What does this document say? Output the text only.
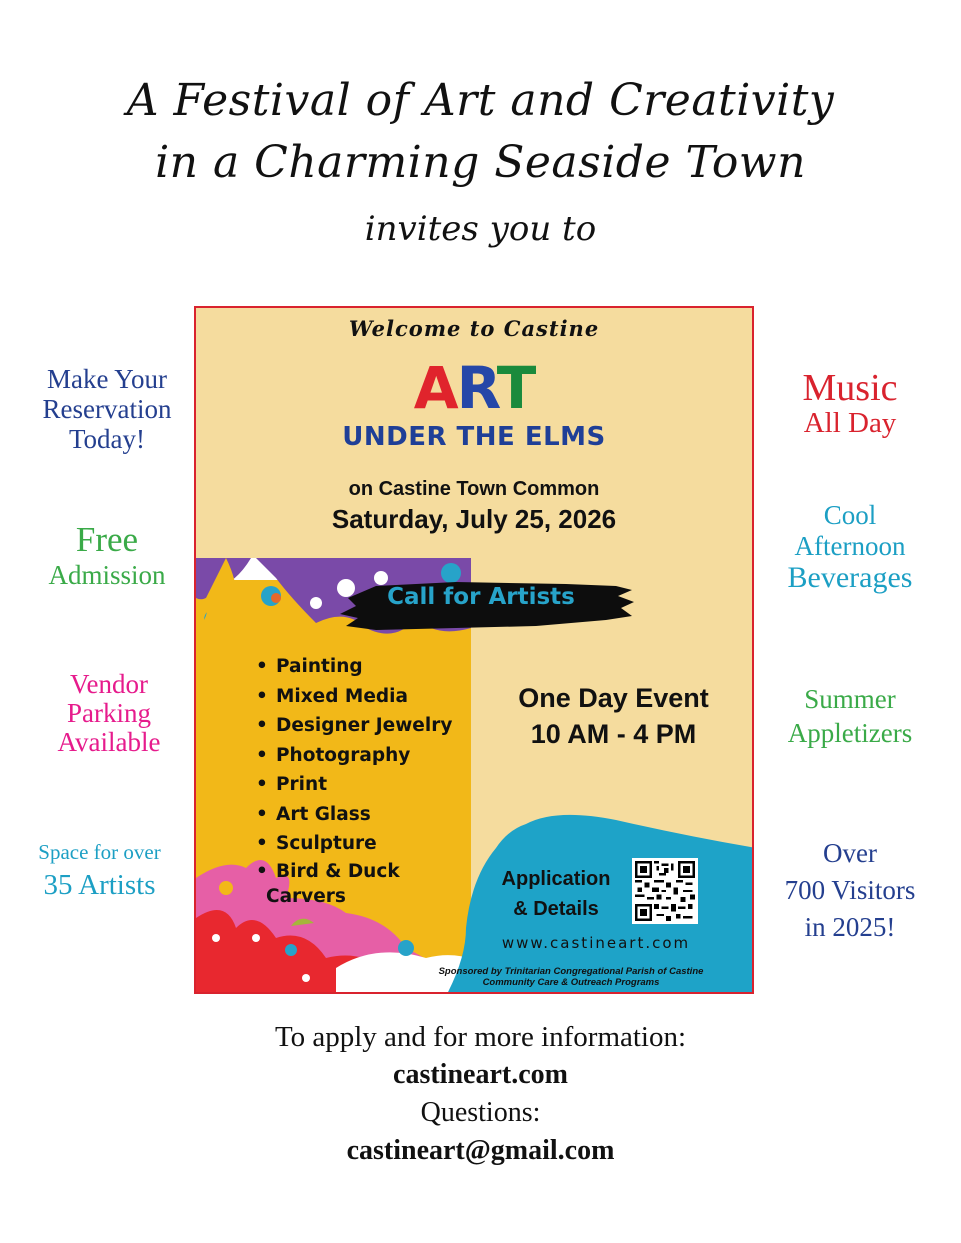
A Festival of Art and Creativity
in a Charming Seaside Town
invites you to
Make Your
Reservation
Today!
Free
Admission
Vendor
Parking
Available
Space for over
35 Artists
Music
All Day
Cool
Afternoon
Beverages
Summer
Appletizers
Over
700 Visitors
in 2025!
Welcome to Castine
ART
UNDER THE ELMS
on Castine Town Common
Saturday, July 25, 2026
Call for Artists
• Painting
• Mixed Media
• Designer Jewelry
• Photography
• Print
• Art Glass
• Sculpture
• Bird & Duck
Carvers
One Day Event
10 AM - 4 PM
Application
& Details
www.castineart.com
Sponsored by Trinitarian Congregational Parish of Castine
Community Care & Outreach Programs
To apply and for more information:
castineart.com
Questions:
castineart@gmail.com
